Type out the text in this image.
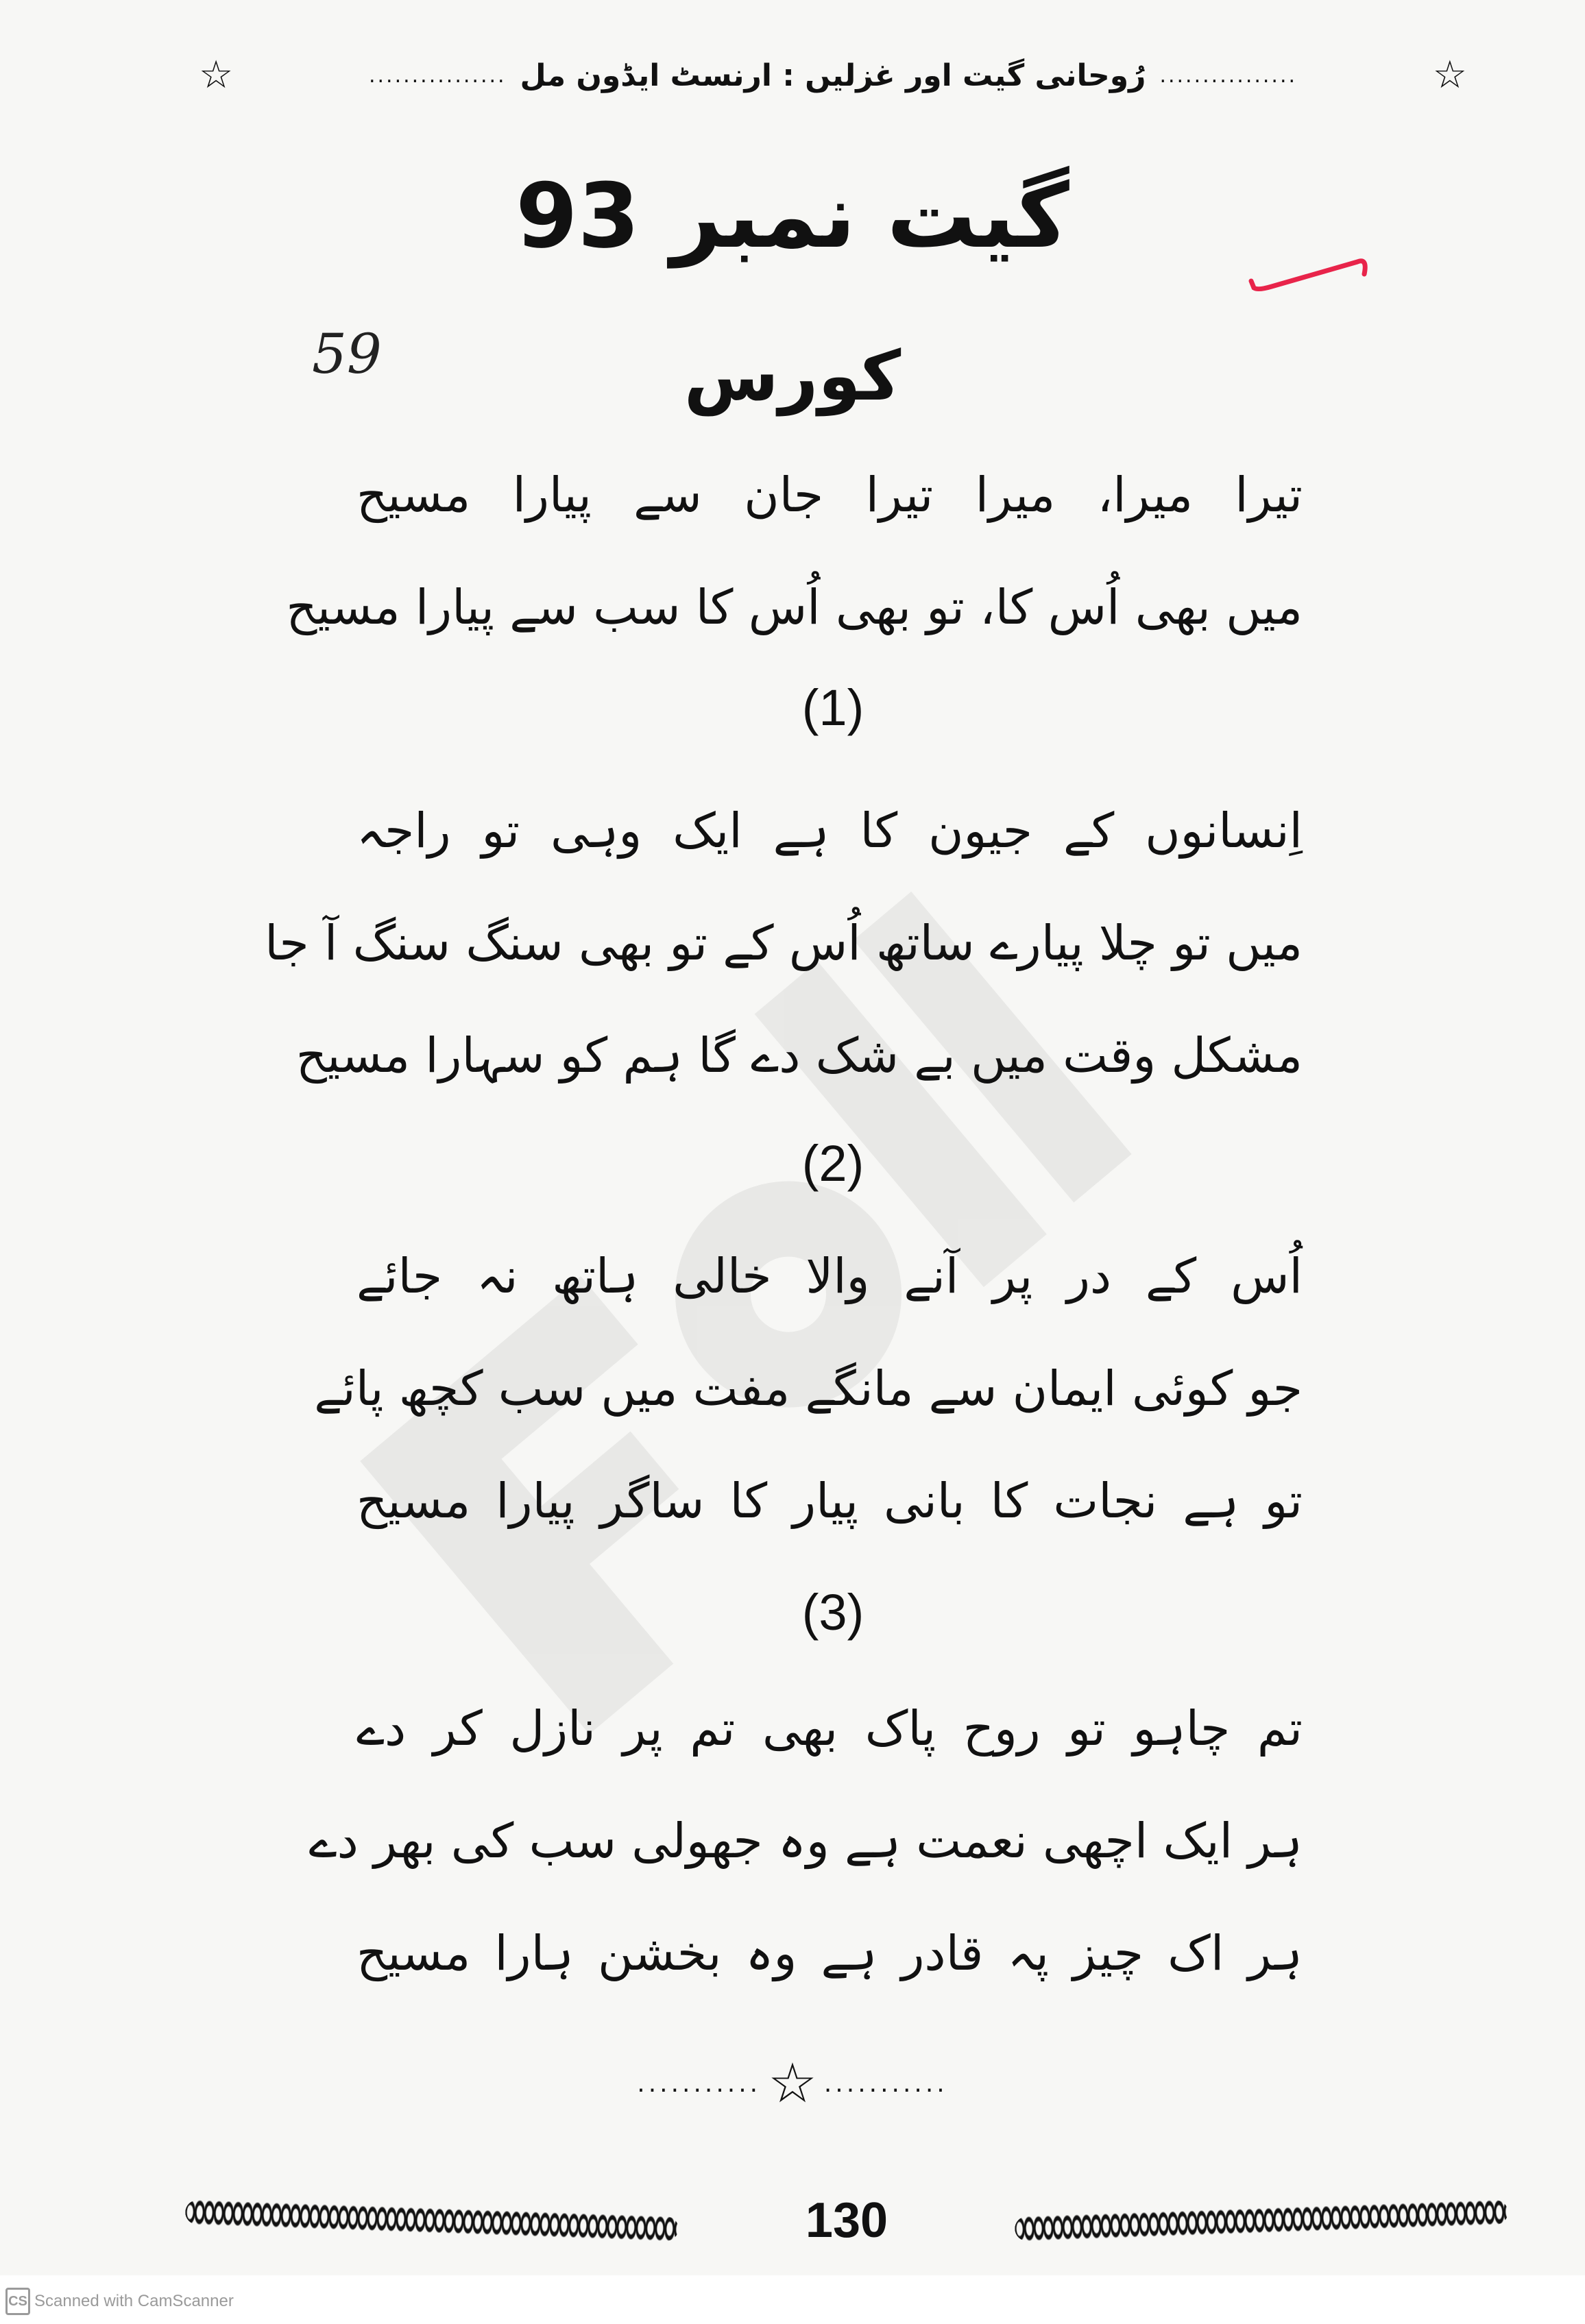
☆	................ رُوحانی گیت اور غزلیں : ارنسٹ ایڈون مل ................	☆
گیت نمبر 93
59	کورس
تیرا میرا، میرا تیرا جان سے پیارا مسیح
میں بھی اُس کا، تو بھی اُس کا سب سے پیارا مسیح
(1)
اِنسانوں کے جیون کا ہے ایک وہی تو راجہ
میں تو چلا پیارے ساتھ اُس کے تو بھی سنگ سنگ آ جا
مشکل وقت میں بے شک دے گا ہم کو سہارا مسیح
(2)
اُس کے در پر آنے والا خالی ہاتھ نہ جائے
جو کوئی ایمان سے مانگے مفت میں سب کچھ پائے
تو ہے نجات کا بانی پیار کا ساگر پیارا مسیح
(3)
تم چاہو تو روح پاک بھی تم پر نازل کر دے
ہر ایک اچھی نعمت ہے وہ جھولی سب کی بھر دے
ہر اک چیز پہ قادر ہے وہ بخشن ہارا مسیح
........... ☆ ...........
130
CS Scanned with CamScanner
